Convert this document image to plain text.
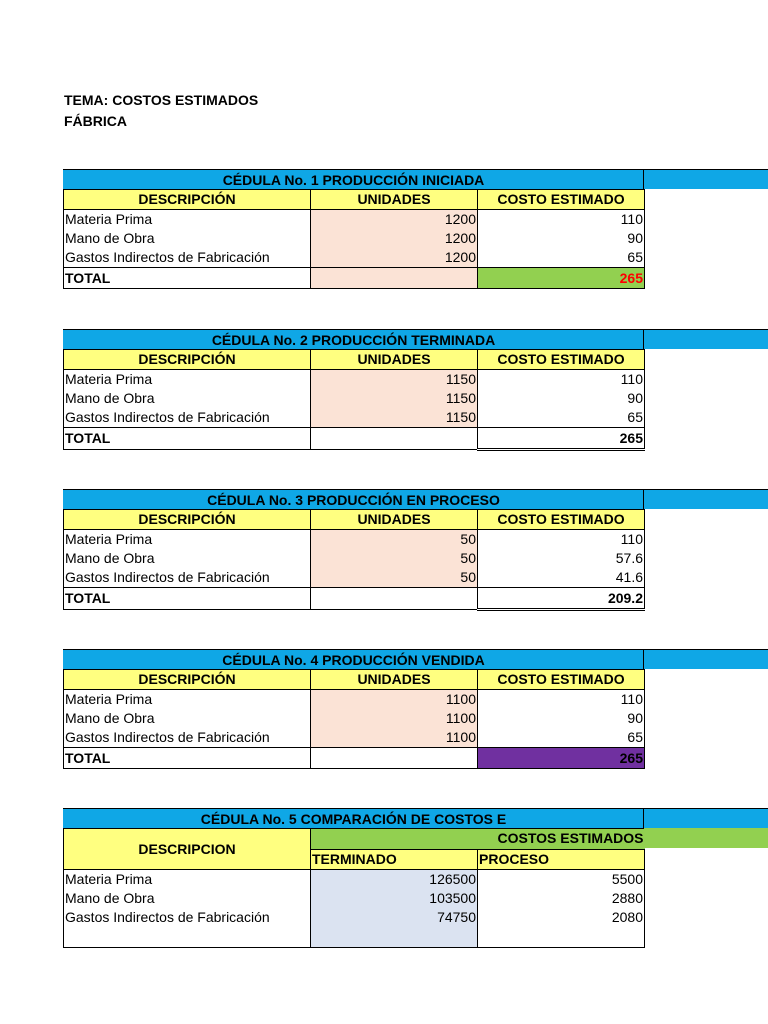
TEMA: COSTOS ESTIMADOS
FÁBRICA
CÉDULA No. 1 PRODUCCIÓN INICIADA
DESCRIPCIÓN	UNIDADES	COSTO ESTIMADO
Materia Prima	1200	110
Mano de Obra	1200	90
Gastos Indirectos de Fabricación	1200	65
TOTAL		265
CÉDULA No. 2 PRODUCCIÓN TERMINADA
DESCRIPCIÓN	UNIDADES	COSTO ESTIMADO
Materia Prima	1150	110
Mano de Obra	1150	90
Gastos Indirectos de Fabricación	1150	65
TOTAL		265
CÉDULA No. 3 PRODUCCIÓN EN PROCESO
DESCRIPCIÓN	UNIDADES	COSTO ESTIMADO
Materia Prima	50	110
Mano de Obra	50	57.6
Gastos Indirectos de Fabricación	50	41.6
TOTAL		209.2
CÉDULA No. 4 PRODUCCIÓN VENDIDA
DESCRIPCIÓN	UNIDADES	COSTO ESTIMADO
Materia Prima	1100	110
Mano de Obra	1100	90
Gastos Indirectos de Fabricación	1100	65
TOTAL		265
CÉDULA No. 5 COMPARACIÓN DE COSTOS E
DESCRIPCION	COSTOS ESTIMADOS	
	TERMINADO	PROCESO
Materia Prima	126500	5500
Mano de Obra	103500	2880
Gastos Indirectos de Fabricación	74750	2080
